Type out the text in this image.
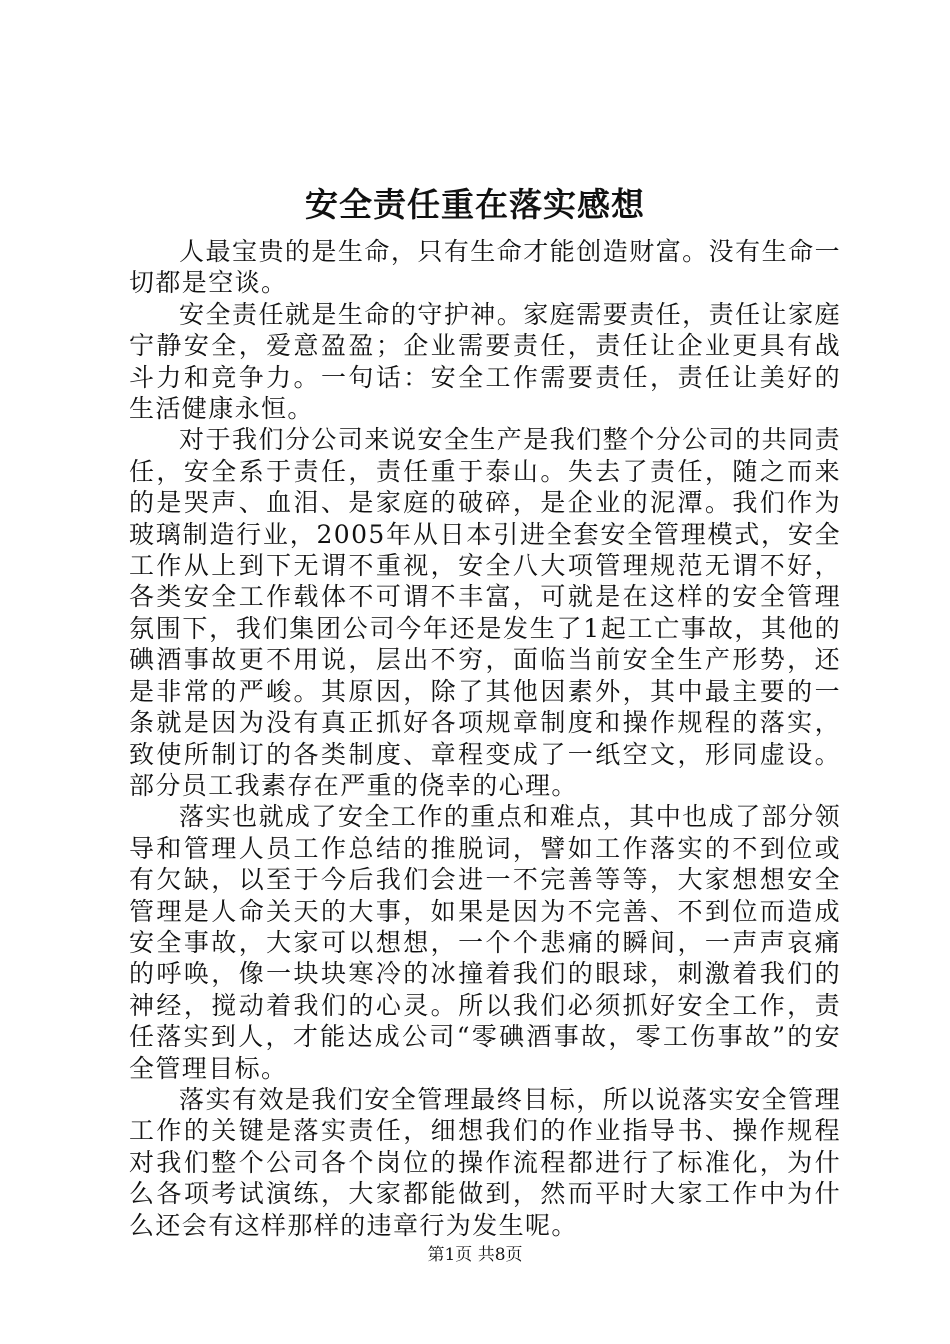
安全责任重在落实感想

人最宝贵的是生命，只有生命才能创造财富。没有生命一切都是空谈。

安全责任就是生命的守护神。家庭需要责任，责任让家庭宁静安全，爱意盈盈；企业需要责任，责任让企业更具有战斗力和竞争力。一句话：安全工作需要责任，责任让美好的生活健康永恒。

对于我们分公司来说安全生产是我们整个分公司的共同责任，安全系于责任，责任重于泰山。失去了责任，随之而来的是哭声、血泪、是家庭的破碎，是企业的泥潭。我们作为玻璃制造行业，2005年从日本引进全套安全管理模式，安全工作从上到下无谓不重视，安全八大项管理规范无谓不好，各类安全工作载体不可谓不丰富，可就是在这样的安全管理氛围下，我们集团公司今年还是发生了1起工亡事故，其他的碘酒事故更不用说，层出不穷，面临当前安全生产形势，还是非常的严峻。其原因，除了其他因素外，其中最主要的一条就是因为没有真正抓好各项规章制度和操作规程的落实，致使所制订的各类制度、章程变成了一纸空文，形同虚设。部分员工我素存在严重的侥幸的心理。

落实也就成了安全工作的重点和难点，其中也成了部分领导和管理人员工作总结的推脱词，譬如工作落实的不到位或有欠缺，以至于今后我们会进一不完善等等，大家想想安全管理是人命关天的大事，如果是因为不完善、不到位而造成安全事故，大家可以想想，一个个悲痛的瞬间，一声声哀痛的呼唤，像一块块寒冷的冰撞着我们的眼球，刺激着我们的神经，搅动着我们的心灵。所以我们必须抓好安全工作，责任落实到人，才能达成公司“零碘酒事故，零工伤事故”的安全管理目标。

落实有效是我们安全管理最终目标，所以说落实安全管理工作的关键是落实责任，细想我们的作业指导书、操作规程对我们整个公司各个岗位的操作流程都进行了标准化，为什么各项考试演练，大家都能做到，然而平时大家工作中为什么还会有这样那样的违章行为发生呢。

第1页 共8页
